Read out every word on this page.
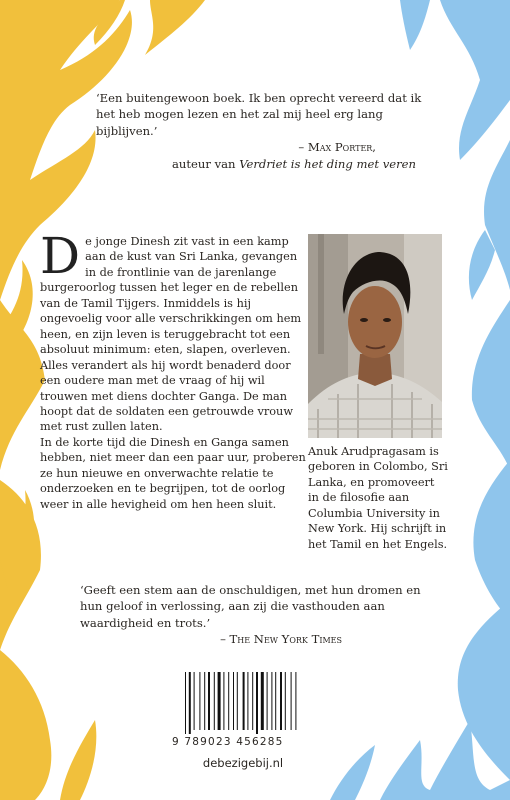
‘Een buitengewoon boek. Ik ben oprecht vereerd dat ik het heb mogen lezen en het zal mij heel erg lang bijblijven.’
– Max Porter,
auteur van Verdriet is het ding met veren
D e jonge Dinesh zit vast in een kamp aan de kust van Sri Lanka, gevangen in de frontlinie van de jarenlange burgeroorlog tussen het leger en de rebellen van de Tamil Tijgers. Inmiddels is hij ongevoelig voor alle verschrikkingen om hem heen, en zijn leven is teruggebracht tot een absoluut minimum: eten, slapen, overleven. Alles verandert als hij wordt benaderd door een oudere man met de vraag of hij wil trouwen met diens dochter Ganga. De man hoopt dat de soldaten een getrouwde vrouw met rust zullen laten.

In de korte tijd die Dinesh en Ganga samen hebben, niet meer dan een paar uur, proberen ze hun nieuwe en onverwachte relatie te onderzoeken en te begrijpen, tot de oorlog weer in alle hevigheid om hen heen sluit.

Anuk Arudpragasam is geboren in Colombo, Sri Lanka, en promoveert in de filosofie aan Columbia University in New York. Hij schrijft in het Tamil en het Engels.
‘Geeft een stem aan de onschuldigen, met hun dromen en hun geloof in verlossing, aan zij die vasthouden aan waardigheid en trots.’
– The New York Times
9 789023 456285
debezigebij.nl
